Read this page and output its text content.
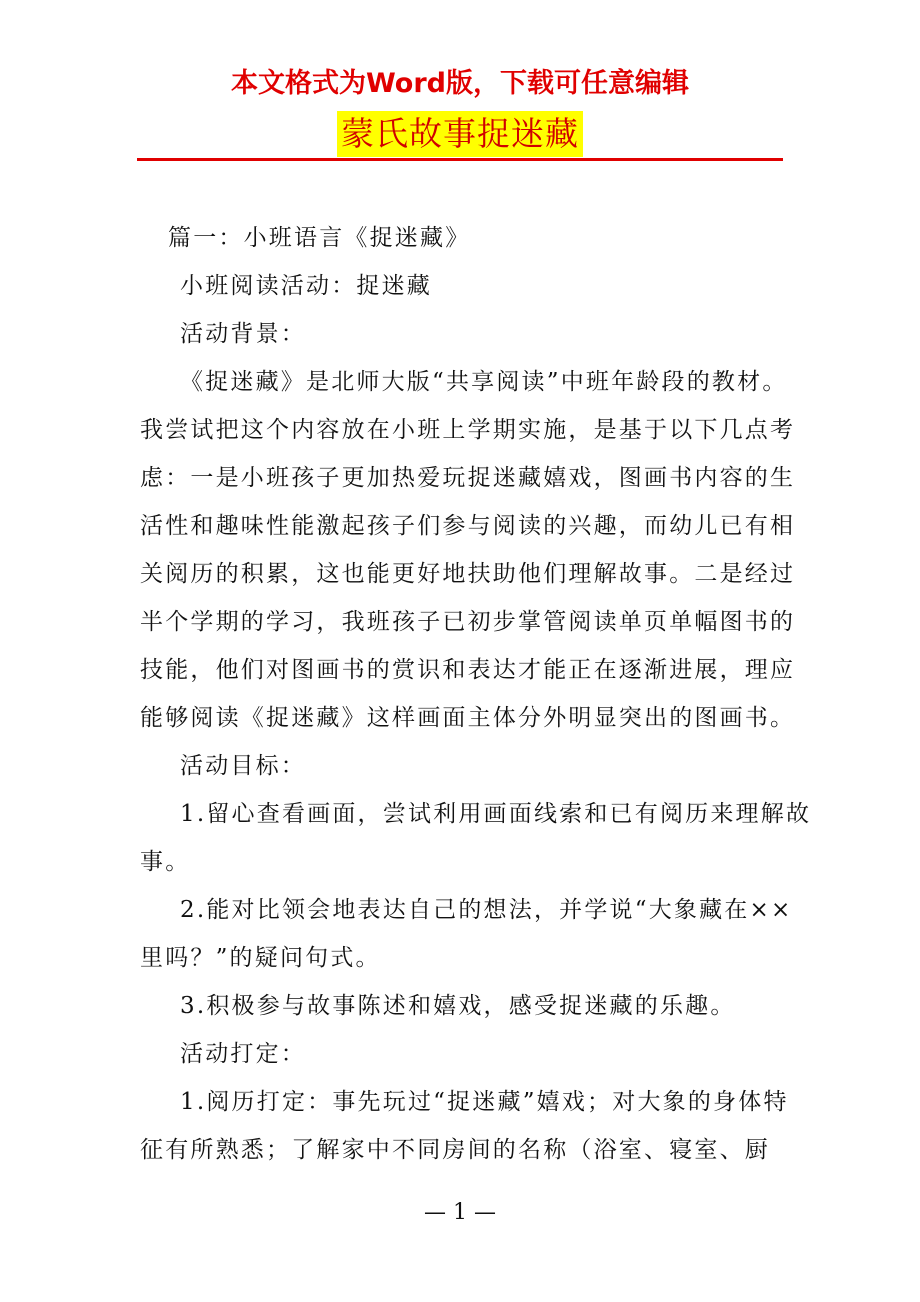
本文格式为Word版，下载可任意编辑
蒙氏故事捉迷藏

篇一：小班语言《捉迷藏》

小班阅读活动：捉迷藏

活动背景：

《捉迷藏》是北师大版“共享阅读”中班年龄段的教材。

我尝试把这个内容放在小班上学期实施，是基于以下几点考

虑：一是小班孩子更加热爱玩捉迷藏嬉戏，图画书内容的生

活性和趣味性能激起孩子们参与阅读的兴趣，而幼儿已有相

关阅历的积累，这也能更好地扶助他们理解故事。二是经过

半个学期的学习，我班孩子已初步掌管阅读单页单幅图书的

技能，他们对图画书的赏识和表达才能正在逐渐进展，理应

能够阅读《捉迷藏》这样画面主体分外明显突出的图画书。

活动目标：

1.留心查看画面，尝试利用画面线索和已有阅历来理解故

事。

2.能对比领会地表达自己的想法，并学说“大象藏在××

里吗？”的疑问句式。

3.积极参与故事陈述和嬉戏，感受捉迷藏的乐趣。

活动打定：

1.阅历打定：事先玩过“捉迷藏”嬉戏；对大象的身体特

征有所熟悉；了解家中不同房间的名称（浴室、寝室、厨

— 1 —
